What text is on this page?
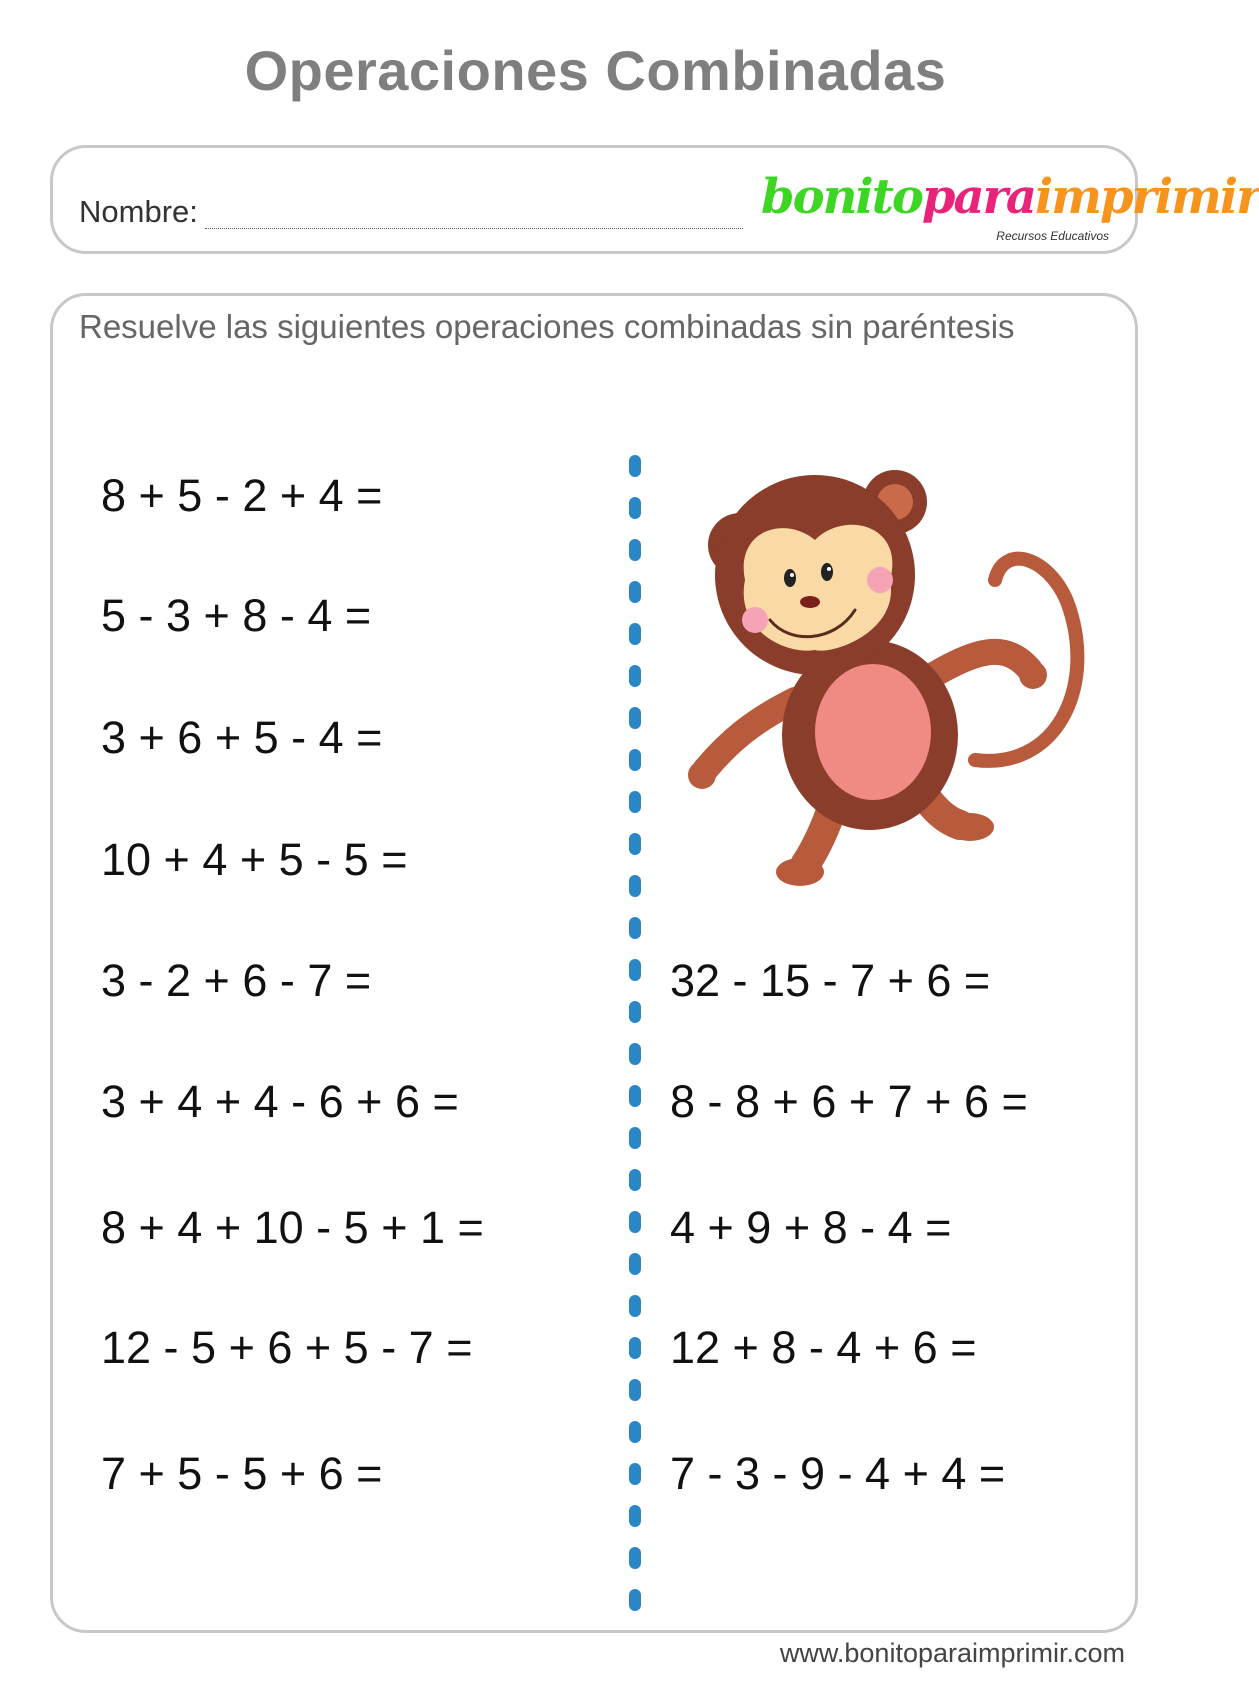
Operaciones Combinadas
Nombre:	bonitoparaimprimir
Recursos Educativos
Resuelve las siguientes operaciones combinadas sin paréntesis
8 + 5 - 2 + 4 =
5 - 3 + 8 - 4 =
3 + 6 + 5 - 4 =
10 + 4 + 5 - 5 =
3 - 2 + 6 - 7 =
3 + 4 + 4 - 6 + 6 =
8 + 4 + 10 - 5 + 1 =
12 - 5 + 6 + 5 - 7 =
7 + 5 - 5 + 6 =
32 - 15 - 7 + 6 =
8 - 8 + 6 + 7 + 6 =
4 + 9 + 8 - 4 =
12 + 8 - 4 + 6 =
7 - 3 - 9 - 4 + 4 =
www.bonitoparaimprimir.com
